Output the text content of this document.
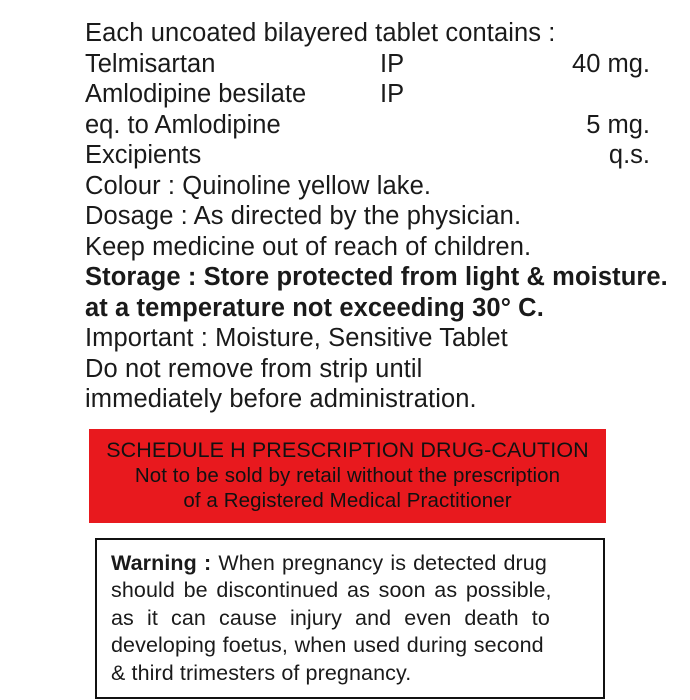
Each uncoated bilayered tablet contains :
Telmisartan	IP	40 mg.
Amlodipine besilate	IP	
eq. to Amlodipine		5 mg.
Excipients		q.s.
Colour : Quinoline yellow lake.
Dosage : As directed by the physician.
Keep medicine out of reach of children.
Storage : Store protected from light & moisture.
at a temperature not exceeding 30° C.
Important : Moisture, Sensitive Tablet
Do not remove from strip until
immediately before administration.
SCHEDULE H PRESCRIPTION DRUG-CAUTION
Not to be sold by retail without the prescription
of a Registered Medical Practitioner
Warning : When pregnancy is detected drug
should be discontinued as soon as possible,
as it can cause injury and even death to
developing foetus, when used during second
& third trimesters of pregnancy.
